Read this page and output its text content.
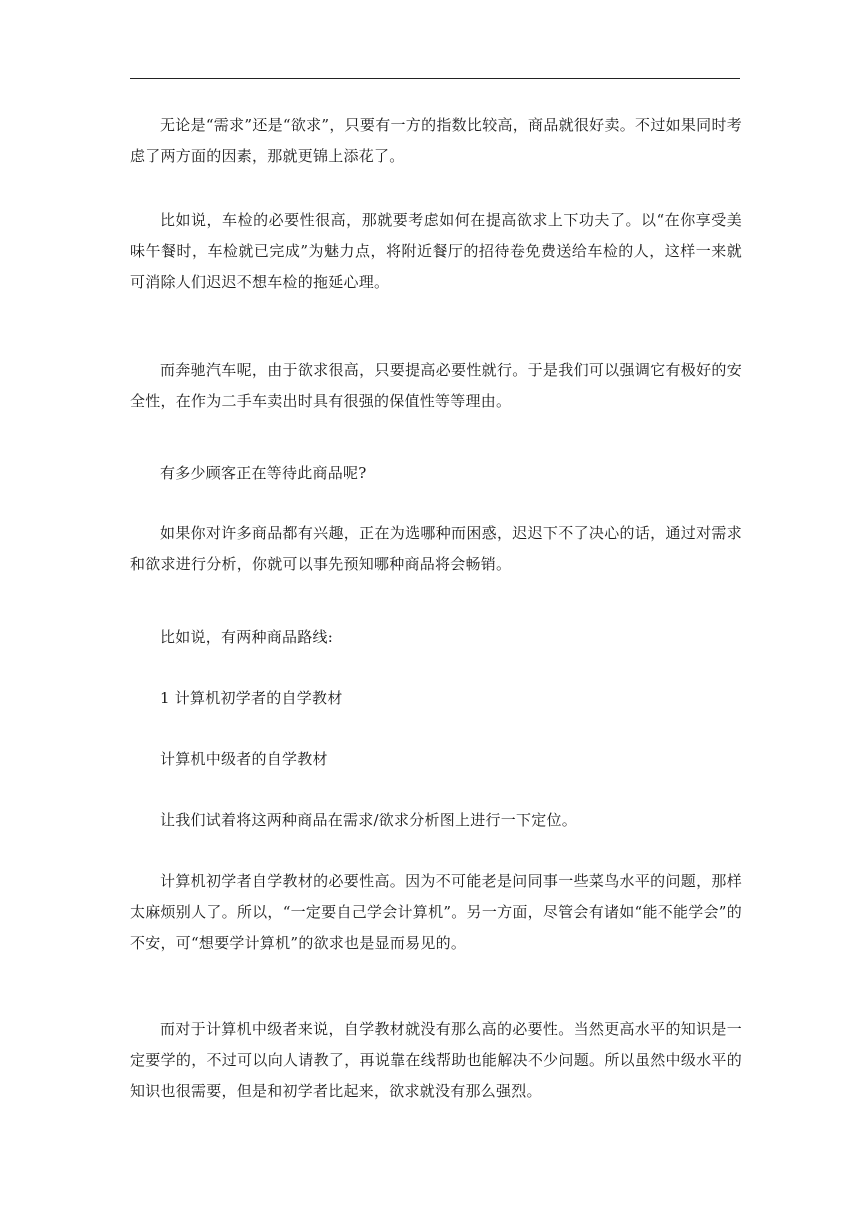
无论是“需求”还是“欲求”，只要有一方的指数比较高，商品就很好卖。不过如果同时考虑了两方面的因素，那就更锦上添花了。

比如说，车检的必要性很高，那就要考虑如何在提高欲求上下功夫了。以“在你享受美味午餐时，车检就已完成”为魅力点，将附近餐厅的招待卷免费送给车检的人，这样一来就可消除人们迟迟不想车检的拖延心理。

而奔驰汽车呢，由于欲求很高，只要提高必要性就行。于是我们可以强调它有极好的安全性，在作为二手车卖出时具有很强的保值性等等理由。

有多少顾客正在等待此商品呢?

如果你对许多商品都有兴趣，正在为选哪种而困惑，迟迟下不了决心的话，通过对需求和欲求进行分析，你就可以事先预知哪种商品将会畅销。

比如说，有两种商品路线:

1 计算机初学者的自学教材

计算机中级者的自学教材

让我们试着将这两种商品在需求/欲求分析图上进行一下定位。

计算机初学者自学教材的必要性高。因为不可能老是问同事一些菜鸟水平的问题，那样太麻烦别人了。所以，“一定要自己学会计算机”。另一方面，尽管会有诸如“能不能学会”的不安，可“想要学计算机”的欲求也是显而易见的。

而对于计算机中级者来说，自学教材就没有那么高的必要性。当然更高水平的知识是一定要学的，不过可以向人请教了，再说靠在线帮助也能解决不少问题。所以虽然中级水平的知识也很需要，但是和初学者比起来，欲求就没有那么强烈。
